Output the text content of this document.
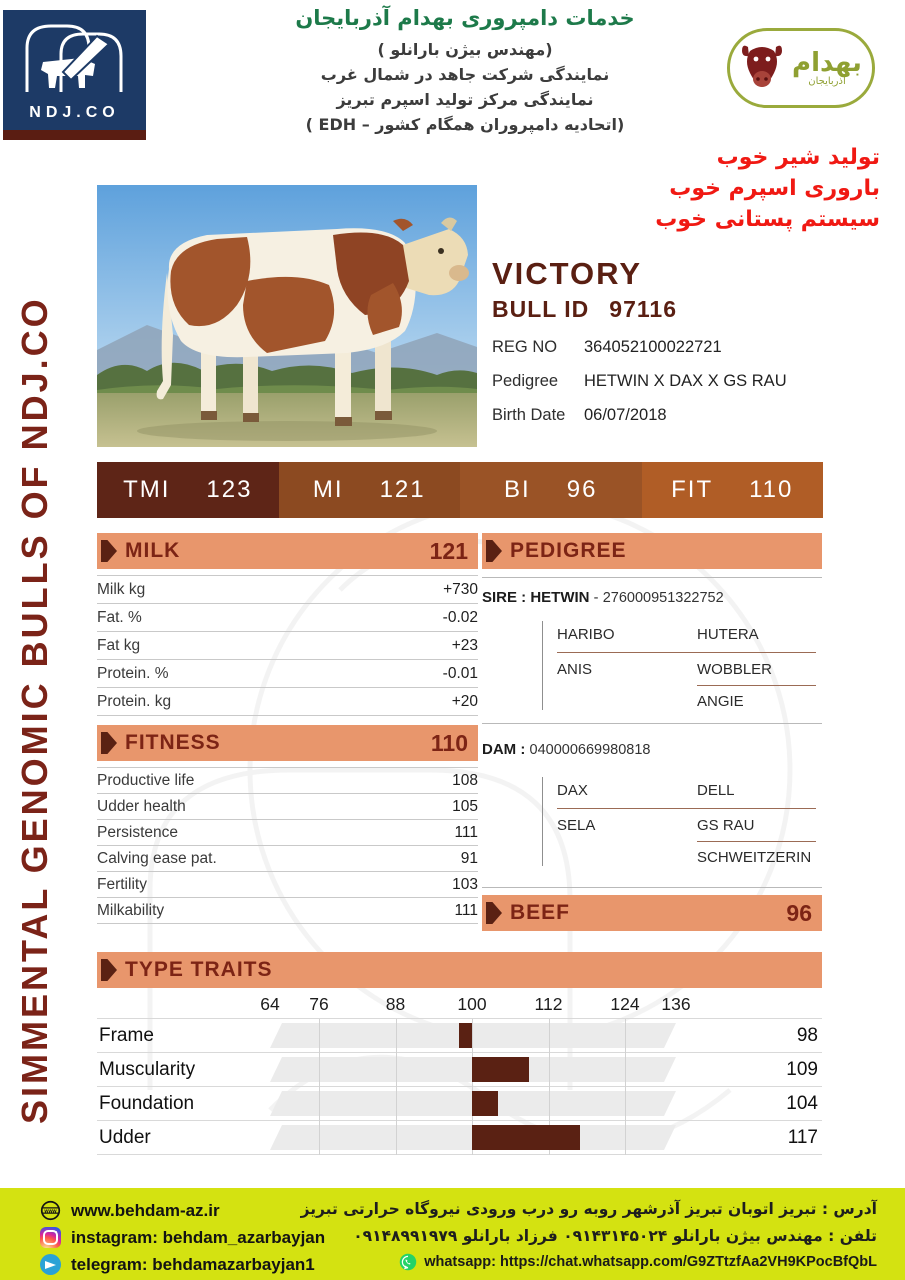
NDJ.CO
خدمات دامپروری بهدام آذربایجان
(مهندس بیژن بارانلو )
نمایندگی شرکت جاهد در شمال غرب
نمایندگی مرکز تولید اسپرم تبریز
(اتحادیه دامپروران همگام کشور – EDH )
بهدام
آذربایجان
تولید شیر خوب
باروری اسپرم خوب
سیستم پستانی خوب
SIMMENTAL GENOMIC BULLS OF NDJ.CO
VICTORY
BULL ID 97116
REG NO	364052100022721
Pedigree	HETWIN X DAX X GS RAU
Birth Date	06/07/2018
TMI 123	MI 121	BI 96	FIT 110
MILK	121
Milk kg	+730
Fat. %	-0.02
Fat kg	+23
Protein. %	-0.01
Protein. kg	+20
FITNESS	110
Productive life	108
Udder health	105
Persistence	111
Calving ease pat.	91
Fertility	103
Milkability	111
PEDIGREE
SIRE : HETWIN - 276000951322752
HARIBO	HUTERA
ANIS	WOBBLER
ANGIE
DAM : 040000669980818
DAX	DELL
SELA	GS RAU
SCHWEITZERIN
BEEF	96
TYPE TRAITS
64 76	88	100	112	124 136
Frame	98
Muscularity	109
Foundation	104
Udder	117
www www.behdam-az.ir
instagram: behdam_azarbayjan
telegram: behdamazarbayjan1
آدرس : تبریز اتوبان تبریز آذرشهر روبه رو درب ورودی نیروگاه حرارتی تبریز
تلفن : مهندس بیژن بارانلو ۰۹۱۴۳۱۴۵۰۲۴ فرزاد بارانلو ۰۹۱۴۸۹۹۱۹۷۹
whatsapp: https://chat.whatsapp.com/G9ZTtzfAa2VH9KPocBfQbL
